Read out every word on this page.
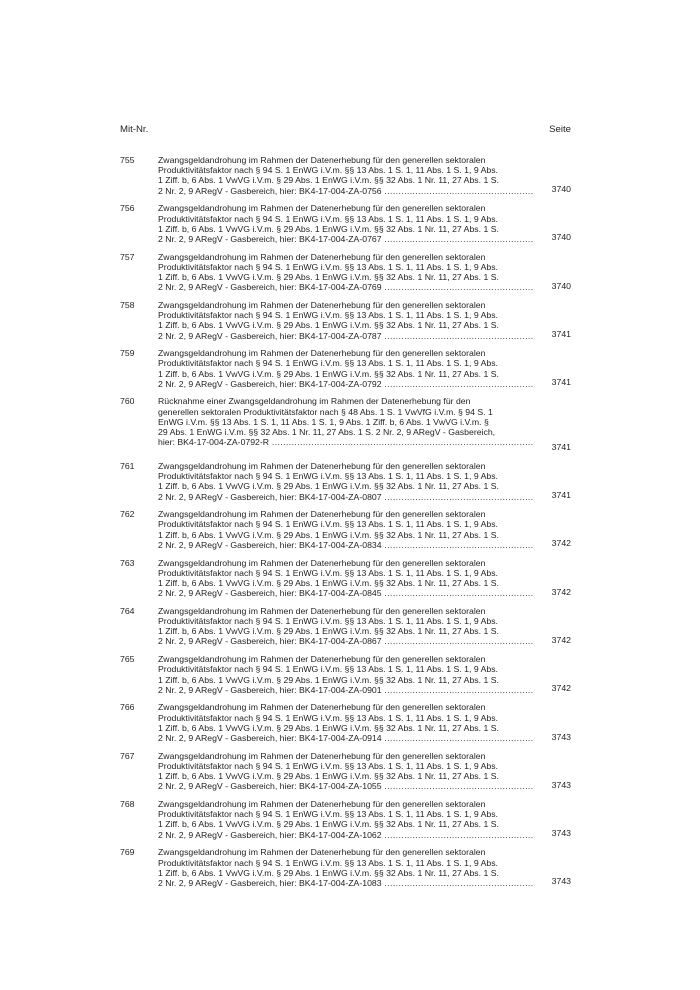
Mit-Nr.	Seite
755	Zwangsgeldandrohung im Rahmen der Datenerhebung für den generellen sektoralen
Produktivitätsfaktor nach § 94 S. 1 EnWG i.V.m. §§ 13 Abs. 1 S. 1, 11 Abs. 1 S. 1, 9 Abs.
1 Ziff. b, 6 Abs. 1 VwVG i.V.m. § 29 Abs. 1 EnWG i.V.m. §§ 32 Abs. 1 Nr. 11, 27 Abs. 1 S.
2 Nr. 2, 9 ARegV - Gasbereich, hier: BK4-17-004-ZA-0756 .....	3740
756	Zwangsgeldandrohung im Rahmen der Datenerhebung für den generellen sektoralen
Produktivitätsfaktor nach § 94 S. 1 EnWG i.V.m. §§ 13 Abs. 1 S. 1, 11 Abs. 1 S. 1, 9 Abs.
1 Ziff. b, 6 Abs. 1 VwVG i.V.m. § 29 Abs. 1 EnWG i.V.m. §§ 32 Abs. 1 Nr. 11, 27 Abs. 1 S.
2 Nr. 2, 9 ARegV - Gasbereich, hier: BK4-17-004-ZA-0767 .....	3740
757	Zwangsgeldandrohung im Rahmen der Datenerhebung für den generellen sektoralen
Produktivitätsfaktor nach § 94 S. 1 EnWG i.V.m. §§ 13 Abs. 1 S. 1, 11 Abs. 1 S. 1, 9 Abs.
1 Ziff. b, 6 Abs. 1 VwVG i.V.m. § 29 Abs. 1 EnWG i.V.m. §§ 32 Abs. 1 Nr. 11, 27 Abs. 1 S.
2 Nr. 2, 9 ARegV - Gasbereich, hier: BK4-17-004-ZA-0769 .....	3740
758	Zwangsgeldandrohung im Rahmen der Datenerhebung für den generellen sektoralen
Produktivitätsfaktor nach § 94 S. 1 EnWG i.V.m. §§ 13 Abs. 1 S. 1, 11 Abs. 1 S. 1, 9 Abs.
1 Ziff. b, 6 Abs. 1 VwVG i.V.m. § 29 Abs. 1 EnWG i.V.m. §§ 32 Abs. 1 Nr. 11, 27 Abs. 1 S.
2 Nr. 2, 9 ARegV - Gasbereich, hier: BK4-17-004-ZA-0787 .....	3741
759	Zwangsgeldandrohung im Rahmen der Datenerhebung für den generellen sektoralen
Produktivitätsfaktor nach § 94 S. 1 EnWG i.V.m. §§ 13 Abs. 1 S. 1, 11 Abs. 1 S. 1, 9 Abs.
1 Ziff. b, 6 Abs. 1 VwVG i.V.m. § 29 Abs. 1 EnWG i.V.m. §§ 32 Abs. 1 Nr. 11, 27 Abs. 1 S.
2 Nr. 2, 9 ARegV - Gasbereich, hier: BK4-17-004-ZA-0792 .....	3741
760	Rücknahme einer Zwangsgeldandrohung im Rahmen der Datenerhebung für den
generellen sektoralen Produktivitätsfaktor nach § 48 Abs. 1 S. 1 VwVfG i.V.m. § 94 S. 1
EnWG i.V.m. §§ 13 Abs. 1 S. 1, 11 Abs. 1 S. 1, 9 Abs. 1 Ziff. b, 6 Abs. 1 VwVG i.V.m. §
29 Abs. 1 EnWG i.V.m. §§ 32 Abs. 1 Nr. 11, 27 Abs. 1 S. 2 Nr. 2, 9 ARegV - Gasbereich,
hier: BK4-17-004-ZA-0792-R .....	3741
761	Zwangsgeldandrohung im Rahmen der Datenerhebung für den generellen sektoralen
Produktivitätsfaktor nach § 94 S. 1 EnWG i.V.m. §§ 13 Abs. 1 S. 1, 11 Abs. 1 S. 1, 9 Abs.
1 Ziff. b, 6 Abs. 1 VwVG i.V.m. § 29 Abs. 1 EnWG i.V.m. §§ 32 Abs. 1 Nr. 11, 27 Abs. 1 S.
2 Nr. 2, 9 ARegV - Gasbereich, hier: BK4-17-004-ZA-0807 .....	3741
762	Zwangsgeldandrohung im Rahmen der Datenerhebung für den generellen sektoralen
Produktivitätsfaktor nach § 94 S. 1 EnWG i.V.m. §§ 13 Abs. 1 S. 1, 11 Abs. 1 S. 1, 9 Abs.
1 Ziff. b, 6 Abs. 1 VwVG i.V.m. § 29 Abs. 1 EnWG i.V.m. §§ 32 Abs. 1 Nr. 11, 27 Abs. 1 S.
2 Nr. 2, 9 ARegV - Gasbereich, hier: BK4-17-004-ZA-0834 .....	3742
763	Zwangsgeldandrohung im Rahmen der Datenerhebung für den generellen sektoralen
Produktivitätsfaktor nach § 94 S. 1 EnWG i.V.m. §§ 13 Abs. 1 S. 1, 11 Abs. 1 S. 1, 9 Abs.
1 Ziff. b, 6 Abs. 1 VwVG i.V.m. § 29 Abs. 1 EnWG i.V.m. §§ 32 Abs. 1 Nr. 11, 27 Abs. 1 S.
2 Nr. 2, 9 ARegV - Gasbereich, hier: BK4-17-004-ZA-0845 .....	3742
764	Zwangsgeldandrohung im Rahmen der Datenerhebung für den generellen sektoralen
Produktivitätsfaktor nach § 94 S. 1 EnWG i.V.m. §§ 13 Abs. 1 S. 1, 11 Abs. 1 S. 1, 9 Abs.
1 Ziff. b, 6 Abs. 1 VwVG i.V.m. § 29 Abs. 1 EnWG i.V.m. §§ 32 Abs. 1 Nr. 11, 27 Abs. 1 S.
2 Nr. 2, 9 ARegV - Gasbereich, hier: BK4-17-004-ZA-0867 .....	3742
765	Zwangsgeldandrohung im Rahmen der Datenerhebung für den generellen sektoralen
Produktivitätsfaktor nach § 94 S. 1 EnWG i.V.m. §§ 13 Abs. 1 S. 1, 11 Abs. 1 S. 1, 9 Abs.
1 Ziff. b, 6 Abs. 1 VwVG i.V.m. § 29 Abs. 1 EnWG i.V.m. §§ 32 Abs. 1 Nr. 11, 27 Abs. 1 S.
2 Nr. 2, 9 ARegV - Gasbereich, hier: BK4-17-004-ZA-0901 .....	3742
766	Zwangsgeldandrohung im Rahmen der Datenerhebung für den generellen sektoralen
Produktivitätsfaktor nach § 94 S. 1 EnWG i.V.m. §§ 13 Abs. 1 S. 1, 11 Abs. 1 S. 1, 9 Abs.
1 Ziff. b, 6 Abs. 1 VwVG i.V.m. § 29 Abs. 1 EnWG i.V.m. §§ 32 Abs. 1 Nr. 11, 27 Abs. 1 S.
2 Nr. 2, 9 ARegV - Gasbereich, hier: BK4-17-004-ZA-0914 .....	3743
767	Zwangsgeldandrohung im Rahmen der Datenerhebung für den generellen sektoralen
Produktivitätsfaktor nach § 94 S. 1 EnWG i.V.m. §§ 13 Abs. 1 S. 1, 11 Abs. 1 S. 1, 9 Abs.
1 Ziff. b, 6 Abs. 1 VwVG i.V.m. § 29 Abs. 1 EnWG i.V.m. §§ 32 Abs. 1 Nr. 11, 27 Abs. 1 S.
2 Nr. 2, 9 ARegV - Gasbereich, hier: BK4-17-004-ZA-1055 .....	3743
768	Zwangsgeldandrohung im Rahmen der Datenerhebung für den generellen sektoralen
Produktivitätsfaktor nach § 94 S. 1 EnWG i.V.m. §§ 13 Abs. 1 S. 1, 11 Abs. 1 S. 1, 9 Abs.
1 Ziff. b, 6 Abs. 1 VwVG i.V.m. § 29 Abs. 1 EnWG i.V.m. §§ 32 Abs. 1 Nr. 11, 27 Abs. 1 S.
2 Nr. 2, 9 ARegV - Gasbereich, hier: BK4-17-004-ZA-1062 .....	3743
769	Zwangsgeldandrohung im Rahmen der Datenerhebung für den generellen sektoralen
Produktivitätsfaktor nach § 94 S. 1 EnWG i.V.m. §§ 13 Abs. 1 S. 1, 11 Abs. 1 S. 1, 9 Abs.
1 Ziff. b, 6 Abs. 1 VwVG i.V.m. § 29 Abs. 1 EnWG i.V.m. §§ 32 Abs. 1 Nr. 11, 27 Abs. 1 S.
2 Nr. 2, 9 ARegV - Gasbereich, hier: BK4-17-004-ZA-1083 .....	3743
